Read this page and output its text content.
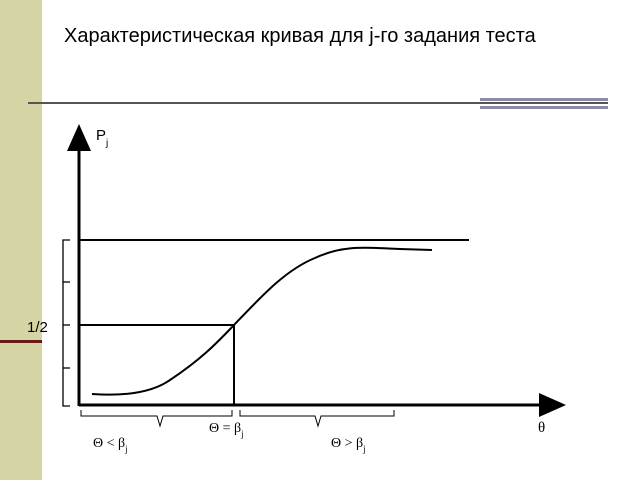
Характеристическая кривая для j-го задания теста
$P_j$
1/2
θ
$\Theta < \beta_j$
$\Theta = \beta_j$
$\Theta > \beta_j$
